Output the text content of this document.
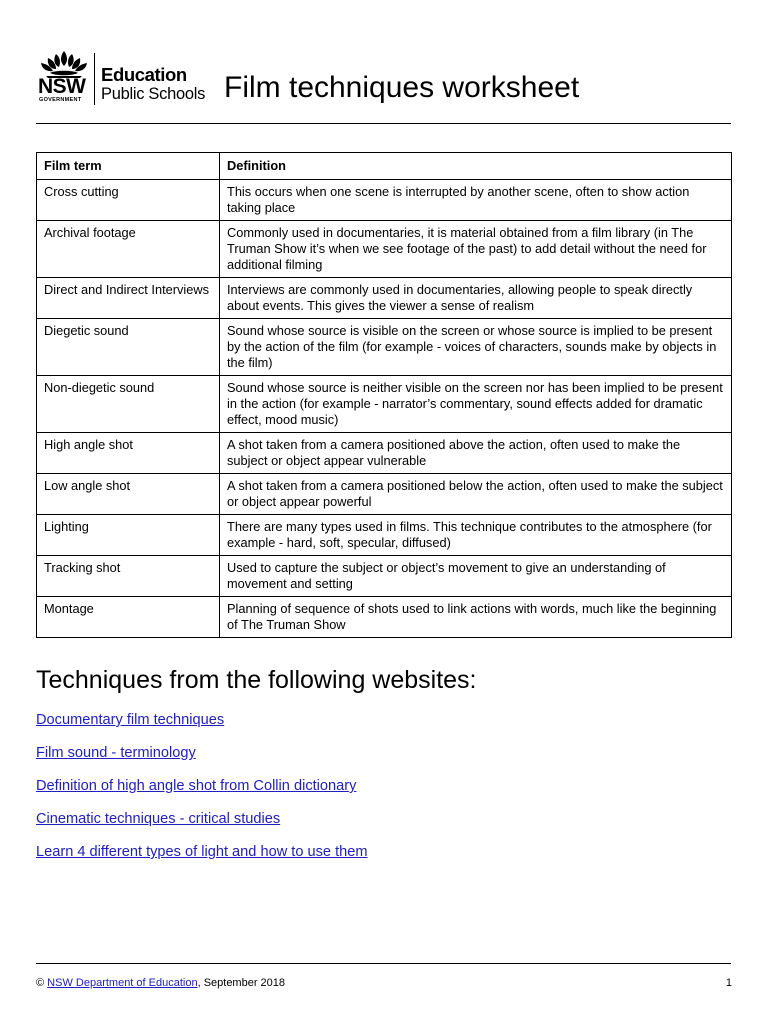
NSW
GOVERNMENT
Education
Public Schools Film techniques worksheet
Film term	Definition
Cross cutting	This occurs when one scene is interrupted by another scene, often to show action taking place
Archival footage	Commonly used in documentaries, it is material obtained from a film library (in The Truman Show it’s when we see footage of the past) to add detail without the need for additional filming
Direct and Indirect Interviews	Interviews are commonly used in documentaries, allowing people to speak directly about events. This gives the viewer a sense of realism
Diegetic sound	Sound whose source is visible on the screen or whose source is implied to be present by the action of the film (for example - voices of characters, sounds make by objects in the film)
Non-diegetic sound	Sound whose source is neither visible on the screen nor has been implied to be present in the action (for example - narrator’s commentary, sound effects added for dramatic effect, mood music)
High angle shot	A shot taken from a camera positioned above the action, often used to make the subject or object appear vulnerable
Low angle shot	A shot taken from a camera positioned below the action, often used to make the subject or object appear powerful
Lighting	There are many types used in films. This technique contributes to the atmosphere (for example - hard, soft, specular, diffused)
Tracking shot	Used to capture the subject or object’s movement to give an understanding of movement and setting
Montage	Planning of sequence of shots used to link actions with words, much like the beginning of The Truman Show
Techniques from the following websites:
Documentary film techniques
Film sound - terminology
Definition of high angle shot from Collin dictionary
Cinematic techniques - critical studies
Learn 4 different types of light and how to use them
© NSW Department of Education, September 2018	1
